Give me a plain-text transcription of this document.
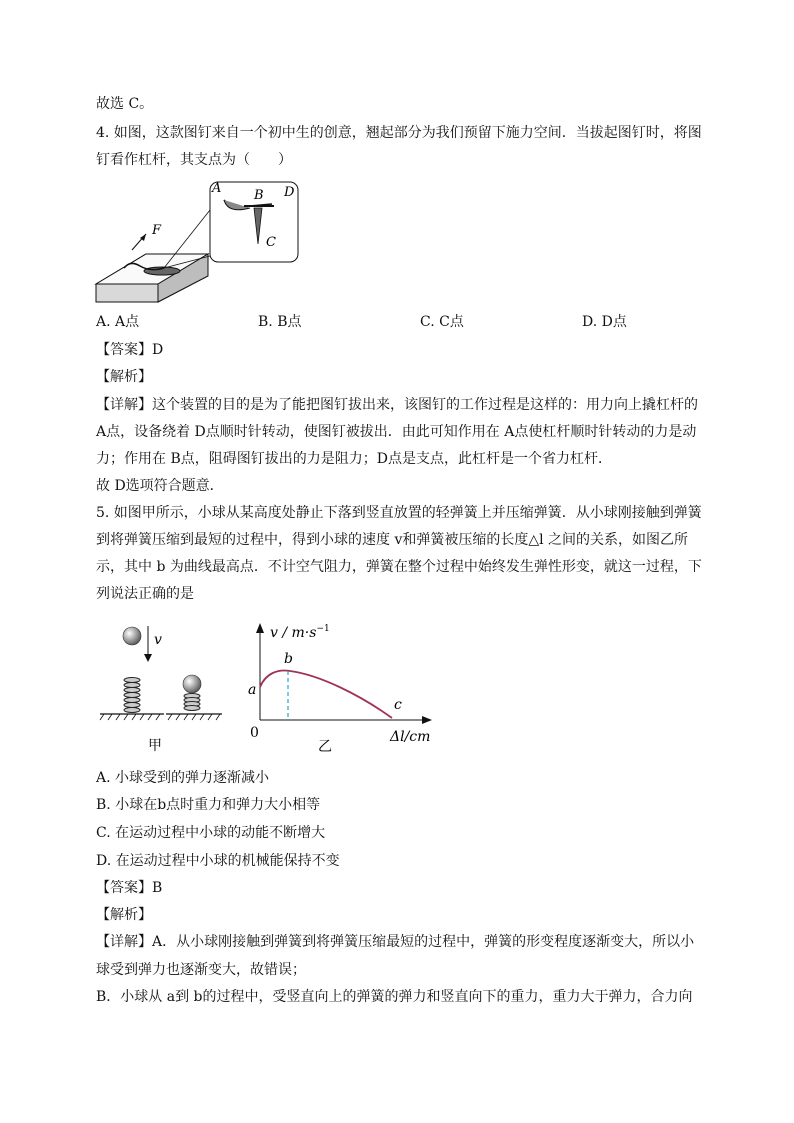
故选 C。
4. 如图，这款图钉来自一个初中生的创意，翘起部分为我们预留下施力空间．当拔起图钉时，将图
钉看作杠杆，其支点为（　　）
F
A	B D
C
A. A点	B. B点	C. C点	D. D点
【答案】D
【解析】
【详解】这个装置的目的是为了能把图钉拔出来，该图钉的工作过程是这样的：用力向上撬杠杆的
A点，设备绕着 D点顺时针转动，使图钉被拔出．由此可知作用在 A点使杠杆顺时针转动的力是动
力；作用在 B点，阻碍图钉拔出的力是阻力；D点是支点，此杠杆是一个省力杠杆．
故 D选项符合题意．
5. 如图甲所示，小球从某高度处静止下落到竖直放置的轻弹簧上并压缩弹簧．从小球刚接触到弹簧
到将弹簧压缩到最短的过程中，得到小球的速度 v和弹簧被压缩的长度△l 之间的关系，如图乙所
示，其中 b 为曲线最高点．不计空气阻力，弹簧在整个过程中始终发生弹性形变，就这一过程，下
列说法正确的是
v
甲
$v / m\cdot s^{-1}$
a
b
c
0
乙
Δl/cm
A. 小球受到的弹力逐渐减小
B. 小球在b点时重力和弹力大小相等
C. 在运动过程中小球的动能不断增大
D. 在运动过程中小球的机械能保持不变
【答案】B
【解析】
【详解】A．从小球刚接触到弹簧到将弹簧压缩最短的过程中，弹簧的形变程度逐渐变大，所以小
球受到弹力也逐渐变大，故错误；
B．小球从 a到 b的过程中，受竖直向上的弹簧的弹力和竖直向下的重力，重力大于弹力，合力向
